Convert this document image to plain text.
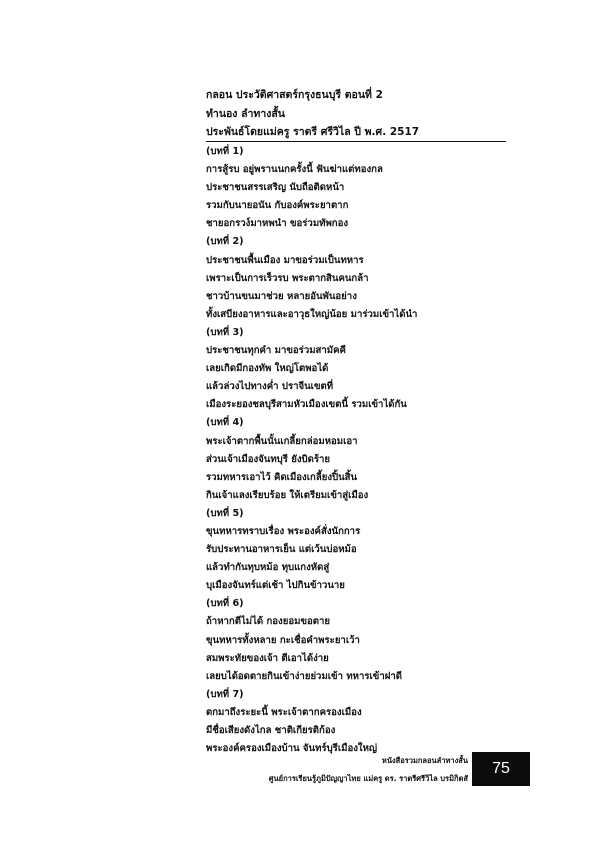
กลอน ประวัติศาสตร์กรุงธนบุรี ตอนที่ 2
ทำนอง ลำทางสั้น
ประพันธ์โดยแม่ครู ราตรี ศรีวิไล ปี พ.ศ. 2517
(บทที่ 1)
การสู้รบ อยู่พรานนกครั้งนี้ ฟันฆ่าแต่ทองกล
ประชาชนสรรเสริญ นับถือติดหน้า
รวมกับนายอนัน กับองค์พระยาตาก
ชายอกรวง์มาหพนำ ขอร่วมทัพกอง
(บทที่ 2)
ประชาชนพื้นเมือง มาขอร่วมเป็นทหาร
เพราะเป็นการเร็วรบ พระตากสินคนกล้า
ชาวบ้านขนมาช่วย หลายอันพันอย่าง
ทั้งเสบียงอาหารและอาวุธใหญ่น้อย มาร่วมเข้าได้นำ
(บทที่ 3)
ประชาชนทุกคำ มาขอร่วมสามัคคี
เลยเกิดมีกองทัพ ใหญ่โตพอได้
แล้วล่วงไปทางค่ำ ปราจีนเขตที่
เมืองระยองชลบุรีสามหัวเมืองเขตนี้ รวมเข้าได้กัน
(บทที่ 4)
พระเจ้าตากพื้นนั้นเกลี้ยกล่อมหอมเอา
ส่วนเจ้าเมืองจันทบุรี ยังบิดร้าย
รวมทหารเอาไว้ คิดเมืองเกลี้ยงปิ้นสิ้น
กินเจ้าแลงเรียบร้อย ให้เตรียมเข้าสู่เมือง
(บทที่ 5)
ขุนทหารทราบเรื่อง พระองค์สั่งนักการ
รับประทานอาหารเย็น แต่เว้นบ่อหม้อ
แล้วทำกันทุบหม้อ ทุบแกงหัดสู่
บุเมืองจันทร์แต่เช้า ไปกินข้าวนาย
(บทที่ 6)
ถ้าหากตีไม่ได้ กองยอมขอตาย
ขุนทหารทั้งหลาย กะเชื่อคำพระยาเว้า
สมพระทัยของเจ้า ตีเอาได้ง่าย
เลยบได้อดตายกินเข้าง่ายย่วมเข้า ทหารเข้าฝาดี
(บทที่ 7)
ตกมาถึงระยะนี้ พระเจ้าตากครองเมือง
มีชื่อเสียงดังไกล ชาติเกียรติก้อง
พระองค์ครองเมืองบ้าน จันทร์บุรีเมืองใหญ่
หนังสือรวมกลอนลำทางสั้น
ศูนย์การเรียนรู้ภูมิปัญญาไทย แม่ครู ดร. ราตรีศรีวิไล บรมิกิตสั
75
